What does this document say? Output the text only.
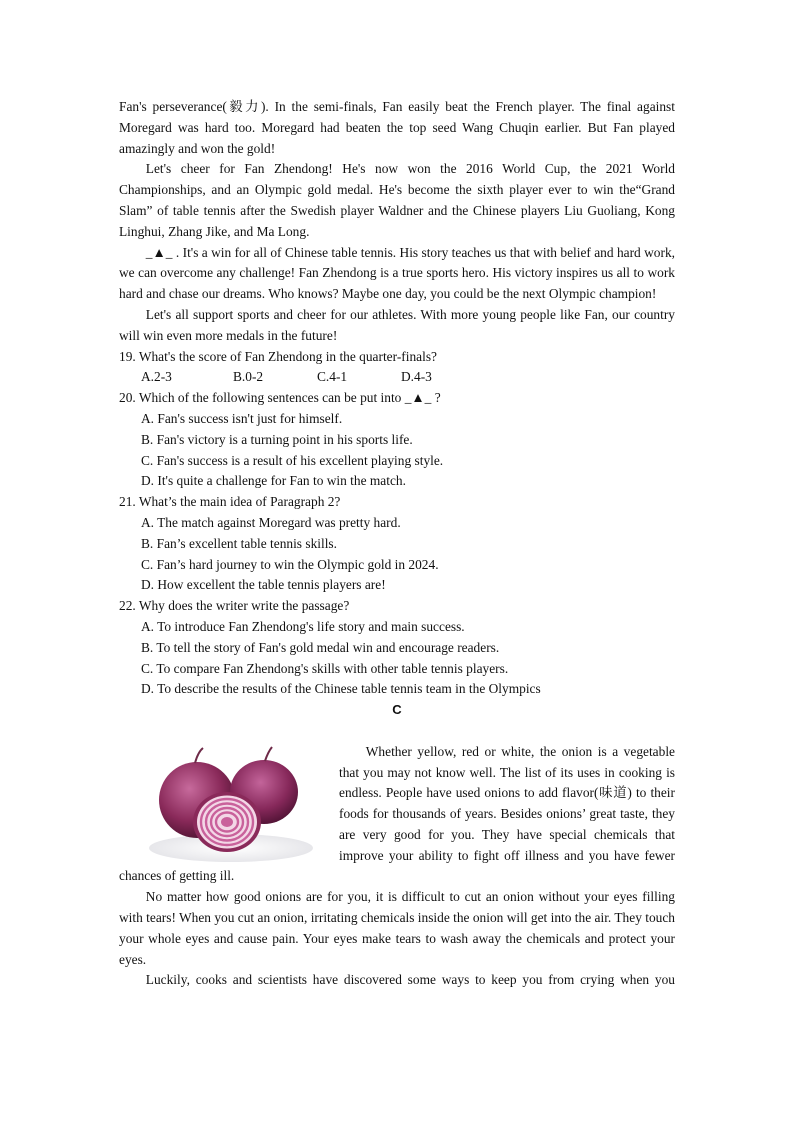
Fan's perseverance(毅力). In the semi-finals, Fan easily beat the French player. The final against Moregard was hard too. Moregard had beaten the top seed Wang Chuqin earlier. But Fan played amazingly and won the gold!

Let's cheer for Fan Zhendong! He's now won the 2016 World Cup, the 2021 World Championships, and an Olympic gold medal. He's become the sixth player ever to win the“Grand Slam” of table tennis after the Swedish player Waldner and the Chinese players Liu Guoliang, Kong Linghui, Zhang Jike, and Ma Long.

_▲_ . It's a win for all of Chinese table tennis. His story teaches us that with belief and hard work, we can overcome any challenge! Fan Zhendong is a true sports hero. His victory inspires us all to work hard and chase our dreams. Who knows? Maybe one day, you could be the next Olympic champion!

Let's all support sports and cheer for our athletes. With more young people like Fan, our country will win even more medals in the future!

19. What's the score of Fan Zhendong in the quarter-finals?

A.2-3	B.0-2	C.4-1	D.4-3

20. Which of the following sentences can be put into _▲_ ?

A. Fan's success isn't just for himself.

B. Fan's victory is a turning point in his sports life.

C. Fan's success is a result of his excellent playing style.

D. It's quite a challenge for Fan to win the match.

21. What’s the main idea of Paragraph 2?

A. The match against Moregard was pretty hard.

B. Fan’s excellent table tennis skills.

C. Fan’s hard journey to win the Olympic gold in 2024.

D. How excellent the table tennis players are!

22. Why does the writer write the passage?

A. To introduce Fan Zhendong's life story and main success.

B. To tell the story of Fan's gold medal win and encourage readers.

C. To compare Fan Zhendong's skills with other table tennis players.

D. To describe the results of the Chinese table tennis team in the Olympics

C

Whether yellow, red or white, the onion is a vegetable that you may not know well. The list of its uses in cooking is endless. People have used onions to add flavor(味道) to their foods for thousands of years. Besides onions’ great taste, they are very good for you. They have special chemicals that improve your ability to fight off illness and you have fewer chances of getting ill.

No matter how good onions are for you, it is difficult to cut an onion without your eyes filling with tears! When you cut an onion, irritating chemicals inside the onion will get into the air. They touch your whole eyes and cause pain. Your eyes make tears to wash away the chemicals and protect your eyes.

Luckily, cooks and scientists have discovered some ways to keep you from crying when you
